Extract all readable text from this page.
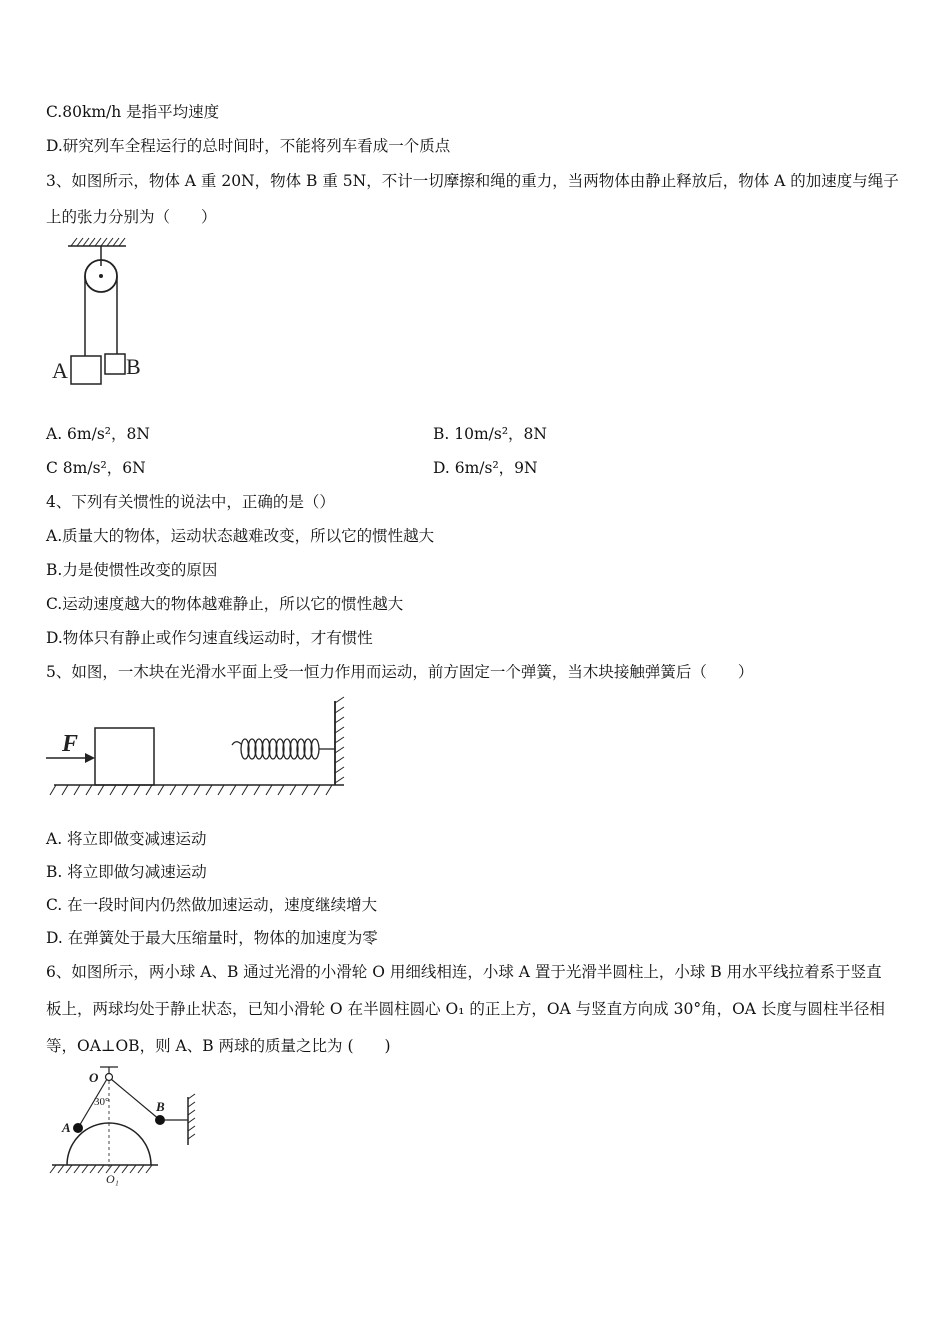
C.80km/h 是指平均速度
D.研究列车全程运行的总时间时，不能将列车看成一个质点
3、如图所示，物体 A 重 20N，物体 B 重 5N，不计一切摩擦和绳的重力，当两物体由静止释放后，物体 A 的加速度与绳子
上的张力分别为（　　）
A	B
A. 6m/s²，8N	B. 10m/s²，8N
C 8m/s²，6N	D. 6m/s²，9N
4、下列有关惯性的说法中，正确的是（）
A.质量大的物体，运动状态越难改变，所以它的惯性越大
B.力是使惯性改变的原因
C.运动速度越大的物体越难静止，所以它的惯性越大
D.物体只有静止或作匀速直线运动时，才有惯性
5、如图，一木块在光滑水平面上受一恒力作用而运动，前方固定一个弹簧，当木块接触弹簧后（　　）
F
A. 将立即做变减速运动
B. 将立即做匀减速运动
C. 在一段时间内仍然做加速运动，速度继续增大
D. 在弹簧处于最大压缩量时，物体的加速度为零
6、如图所示，两小球 A、B 通过光滑的小滑轮 O 用细线相连，小球 A 置于光滑半圆柱上，小球 B 用水平线拉着系于竖直
板上，两球均处于静止状态，已知小滑轮 O 在半圆柱圆心 O₁ 的正上方，OA 与竖直方向成 30°角，OA 长度与圆柱半径相
等，OA⊥OB，则 A、B 两球的质量之比为 (　　)
O
30°	B
A
O₁
